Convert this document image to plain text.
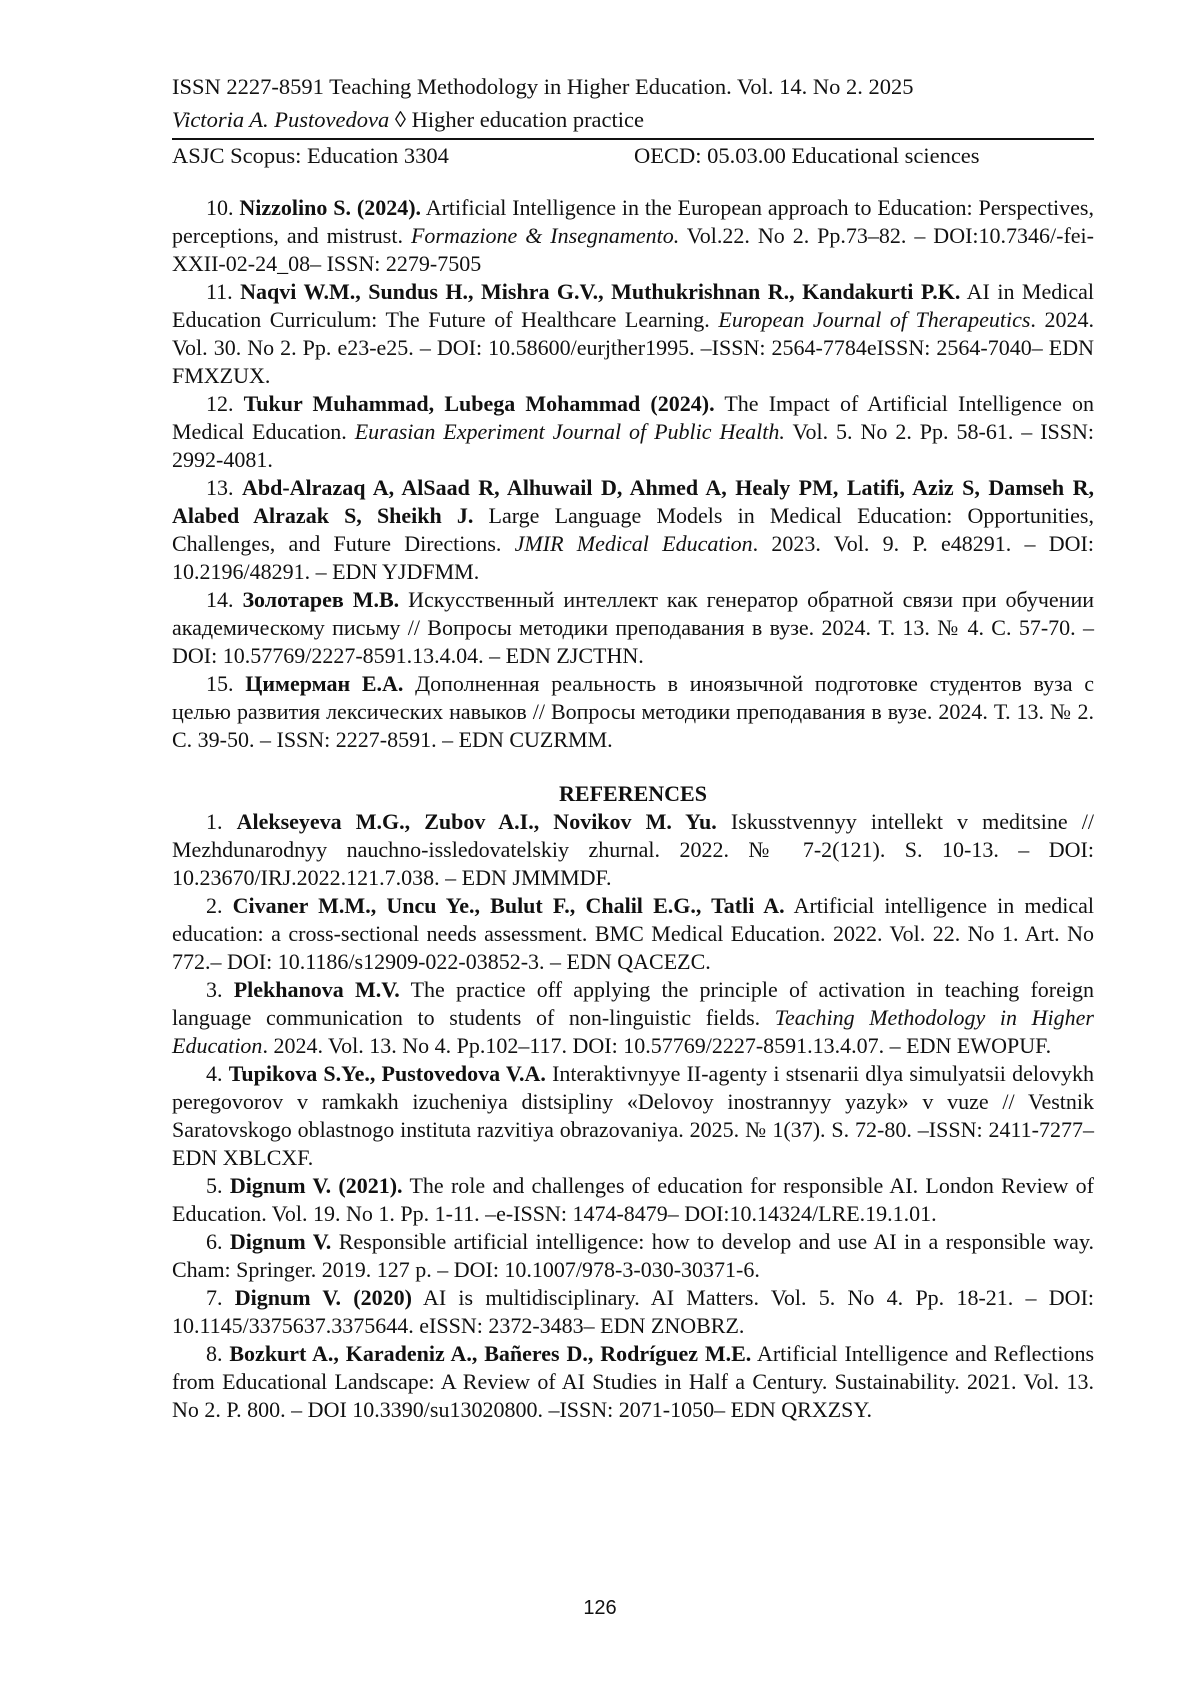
ISSN 2227-8591 Teaching Methodology in Higher Education. Vol. 14. No 2. 2025
Victoria A. Pustovedova ◊ Higher education practice
ASJC Scopus: Education 3304	OECD: 05.03.00 Educational sciences

10. Nizzolino S. (2024). Artificial Intelligence in the European approach to Education: Perspectives, perceptions, and mistrust. Formazione & Insegnamento. Vol.22. No 2. Pp.73–82. – DOI:10.7346/-fei-XXII-02-24_08– ISSN: 2279-7505

11. Naqvi W.M., Sundus H., Mishra G.V., Muthukrishnan R., Kandakurti P.K. AI in Medical Education Curriculum: The Future of Healthcare Learning. European Journal of Therapeutics. 2024. Vol. 30. No 2. Pp. e23-e25. – DOI: 10.58600/eurjther1995. –ISSN: 2564-7784eISSN: 2564-7040– EDN FMXZUX.

12. Tukur Muhammad, Lubega Mohammad (2024). The Impact of Artificial Intelligence on Medical Education. Eurasian Experiment Journal of Public Health. Vol. 5. No 2. Pp. 58-61. – ISSN: 2992-4081.

13. Abd-Alrazaq A, AlSaad R, Alhuwail D, Ahmed A, Healy PM, Latifi, Aziz S, Damseh R, Alabed Alrazak S, Sheikh J. Large Language Models in Medical Education: Opportunities, Challenges, and Future Directions. JMIR Medical Education. 2023. Vol. 9. P. e48291. – DOI: 10.2196/48291. – EDN YJDFMM.

14. Золотарев М.В. Искусственный интеллект как генератор обратной связи при обучении академическому письму // Вопросы методики преподавания в вузе. 2024. Т. 13. № 4. С. 57-70. – DOI: 10.57769/2227-8591.13.4.04. – EDN ZJCTHN.

15. Цимерман Е.А. Дополненная реальность в иноязычной подготовке студентов вуза с целью развития лексических навыков // Вопросы методики преподавания в вузе. 2024. Т. 13. № 2. С. 39-50. – ISSN: 2227-8591. – EDN CUZRMM.

REFERENCES

1. Alekseyeva M.G., Zubov A.I., Novikov M. Yu. Iskusstvennyy intellekt v meditsine // Mezhdunarodnyy nauchno-issledovatelskiy zhurnal. 2022. № 7-2(121). S. 10-13. – DOI: 10.23670/IRJ.2022.121.7.038. – EDN JMMMDF.

2. Civaner M.M., Uncu Ye., Bulut F., Chalil E.G., Tatli A. Artificial intelligence in medical education: a cross-sectional needs assessment. BMC Medical Education. 2022. Vol. 22. No 1. Art. No 772.– DOI: 10.1186/s12909-022-03852-3. – EDN QACEZC.

3. Plekhanova M.V. The practice off applying the principle of activation in teaching foreign language communication to students of non-linguistic fields. Teaching Methodology in Higher Education. 2024. Vol. 13. No 4. Pp.102–117. DOI: 10.57769/2227-8591.13.4.07. – EDN EWOPUF.

4. Tupikova S.Ye., Pustovedova V.A. Interaktivnyye II-agenty i stsenarii dlya simulyatsii delovykh peregovorov v ramkakh izucheniya distsipliny «Delovoy inostrannyy yazyk» v vuze // Vestnik Saratovskogo oblastnogo instituta razvitiya obrazovaniya. 2025. № 1(37). S. 72-80. –ISSN: 2411-7277– EDN XBLCXF.

5. Dignum V. (2021). The role and challenges of education for responsible AI. London Review of Education. Vol. 19. No 1. Pp. 1-11. –e-ISSN: 1474-8479– DOI:10.14324/LRE.19.1.01.

6. Dignum V. Responsible artificial intelligence: how to develop and use AI in a responsible way. Cham: Springer. 2019. 127 p. – DOI: 10.1007/978-3-030-30371-6.

7. Dignum V. (2020) AI is multidisciplinary. AI Matters. Vol. 5. No 4. Pp. 18-21. – DOI: 10.1145/3375637.3375644. eISSN: 2372-3483– EDN ZNOBRZ.

8. Bozkurt A., Karadeniz A., Bañeres D., Rodríguez M.E. Artificial Intelligence and Reflections from Educational Landscape: A Review of AI Studies in Half a Century. Sustainability. 2021. Vol. 13. No 2. P. 800. – DOI 10.3390/su13020800. –ISSN: 2071-1050– EDN QRXZSY.

126
